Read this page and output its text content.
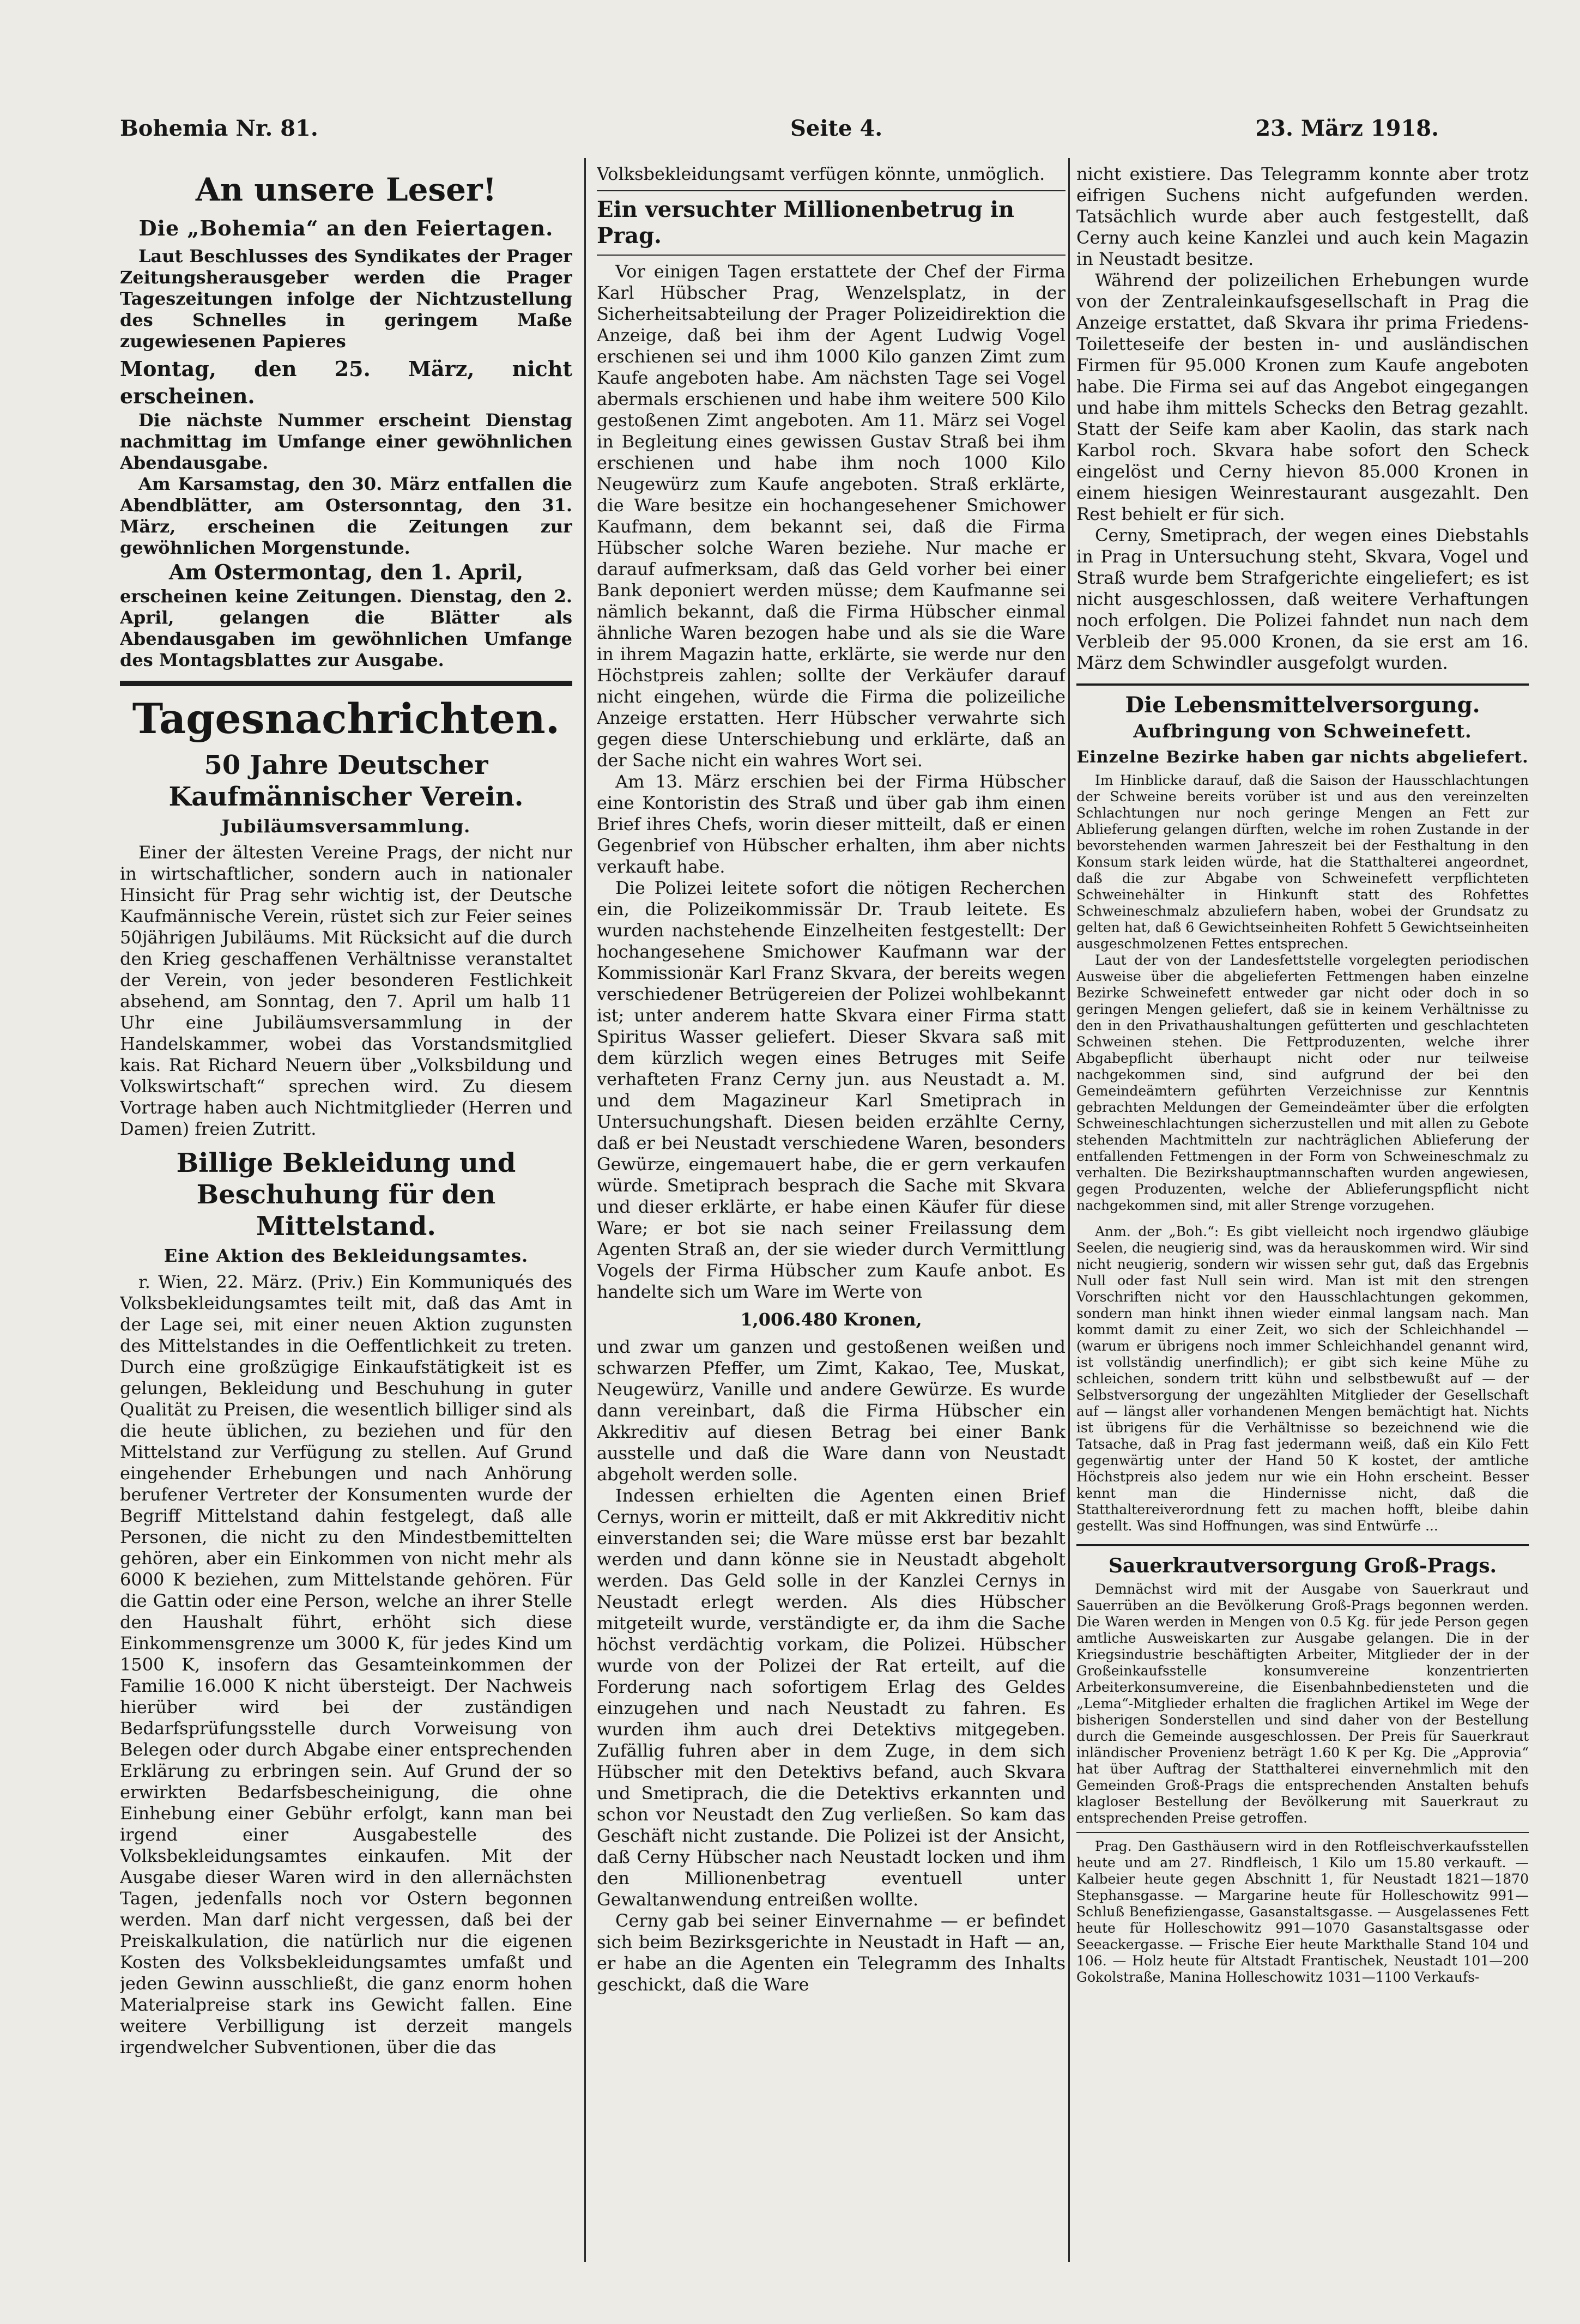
Bohemia Nr. 81.	Seite 4.	23. März 1918.
An unsere Leser!
Die „Bohemia“ an den Feiertagen.

Laut Beschlusses des Syndikates der Prager Zeitungsherausgeber werden die Prager Tageszeitungen infolge der Nichtzustellung des Schnelles in geringem Maße zugewiesenen Papieres

Montag, den 25. März, nicht erscheinen.

Die nächste Nummer erscheint Dienstag nachmittag im Umfange einer gewöhnlichen Abendausgabe.

Am Karsamstag, den 30. März entfallen die Abendblätter, am Ostersonntag, den 31. März, erscheinen die Zeitungen zur gewöhnlichen Morgenstunde.

Am Ostermontag, den 1. April,

erscheinen keine Zeitungen. Dienstag, den 2. April, gelangen die Blätter als Abendausgaben im gewöhnlichen Umfange des Montagsblattes zur Ausgabe.

Tagesnachrichten.
50 Jahre Deutscher Kaufmännischer Verein.
Jubiläumsversammlung.

Einer der ältesten Vereine Prags, der nicht nur in wirtschaftlicher, sondern auch in nationaler Hinsicht für Prag sehr wichtig ist, der Deutsche Kaufmännische Verein, rüstet sich zur Feier seines 50jährigen Jubiläums. Mit Rücksicht auf die durch den Krieg geschaffenen Verhältnisse veranstaltet der Verein, von jeder besonderen Festlichkeit absehend, am Sonntag, den 7. April um halb 11 Uhr eine Jubiläumsversammlung in der Handelskammer, wobei das Vorstandsmitglied kais. Rat Richard Neuern über „Volksbildung und Volkswirtschaft“ sprechen wird. Zu diesem Vortrage haben auch Nichtmitglieder (Herren und Damen) freien Zutritt.

Billige Bekleidung und Beschuhung für den Mittelstand.
Eine Aktion des Bekleidungsamtes.

r. Wien, 22. März. (Priv.) Ein Kommuniqués des Volksbekleidungsamtes teilt mit, daß das Amt in der Lage sei, mit einer neuen Aktion zugunsten des Mittelstandes in die Oeffentlichkeit zu treten. Durch eine großzügige Einkaufstätigkeit ist es gelungen, Bekleidung und Beschuhung in guter Qualität zu Preisen, die wesentlich billiger sind als die heute üblichen, zu beziehen und für den Mittelstand zur Verfügung zu stellen. Auf Grund eingehender Erhebungen und nach Anhörung berufener Vertreter der Konsumenten wurde der Begriff Mittelstand dahin festgelegt, daß alle Personen, die nicht zu den Mindestbemittelten gehören, aber ein Einkommen von nicht mehr als 6000 K beziehen, zum Mittelstande gehören. Für die Gattin oder eine Person, welche an ihrer Stelle den Haushalt führt, erhöht sich diese Einkommensgrenze um 3000 K, für jedes Kind um 1500 K, insofern das Gesamteinkommen der Familie 16.000 K nicht übersteigt. Der Nachweis hierüber wird bei der zuständigen Bedarfsprüfungsstelle durch Vorweisung von Belegen oder durch Abgabe einer entsprechenden Erklärung zu erbringen sein. Auf Grund der so erwirkten Bedarfsbescheinigung, die ohne Einhebung einer Gebühr erfolgt, kann man bei irgend einer Ausgabestelle des Volksbekleidungsamtes einkaufen. Mit der Ausgabe dieser Waren wird in den allernächsten Tagen, jedenfalls noch vor Ostern begonnen werden. Man darf nicht vergessen, daß bei der Preiskalkulation, die natürlich nur die eigenen Kosten des Volksbekleidungsamtes umfaßt und jeden Gewinn ausschließt, die ganz enorm hohen Materialpreise stark ins Gewicht fallen. Eine weitere Verbilligung ist derzeit mangels irgendwelcher Subventionen, über die das

Volksbekleidungsamt verfügen könnte, unmöglich.

Ein versuchter Millionenbetrug in Prag.

Vor einigen Tagen erstattete der Chef der Firma Karl Hübscher Prag, Wenzelsplatz, in der Sicherheitsabteilung der Prager Polizeidirektion die Anzeige, daß bei ihm der Agent Ludwig Vogel erschienen sei und ihm 1000 Kilo ganzen Zimt zum Kaufe angeboten habe. Am nächsten Tage sei Vogel abermals erschienen und habe ihm weitere 500 Kilo gestoßenen Zimt angeboten. Am 11. März sei Vogel in Begleitung eines gewissen Gustav Straß bei ihm erschienen und habe ihm noch 1000 Kilo Neugewürz zum Kaufe angeboten. Straß erklärte, die Ware besitze ein hochangesehener Smichower Kaufmann, dem bekannt sei, daß die Firma Hübscher solche Waren beziehe. Nur mache er darauf aufmerksam, daß das Geld vorher bei einer Bank deponiert werden müsse; dem Kaufmanne sei nämlich bekannt, daß die Firma Hübscher einmal ähnliche Waren bezogen habe und als sie die Ware in ihrem Magazin hatte, erklärte, sie werde nur den Höchstpreis zahlen; sollte der Verkäufer darauf nicht eingehen, würde die Firma die polizeiliche Anzeige erstatten. Herr Hübscher verwahrte sich gegen diese Unterschiebung und erklärte, daß an der Sache nicht ein wahres Wort sei.

Am 13. März erschien bei der Firma Hübscher eine Kontoristin des Straß und über gab ihm einen Brief ihres Chefs, worin dieser mitteilt, daß er einen Gegenbrief von Hübscher erhalten, ihm aber nichts verkauft habe.

Die Polizei leitete sofort die nötigen Recherchen ein, die Polizeikommissär Dr. Traub leitete. Es wurden nachstehende Einzelheiten festgestellt: Der hochangesehene Smichower Kaufmann war der Kommissionär Karl Franz Skvara, der bereits wegen verschiedener Betrügereien der Polizei wohlbekannt ist; unter anderem hatte Skvara einer Firma statt Spiritus Wasser geliefert. Dieser Skvara saß mit dem kürzlich wegen eines Betruges mit Seife verhafteten Franz Cerny jun. aus Neustadt a. M. und dem Magazineur Karl Smetiprach in Untersuchungshaft. Diesen beiden erzählte Cerny, daß er bei Neustadt verschiedene Waren, besonders Gewürze, eingemauert habe, die er gern verkaufen würde. Smetiprach besprach die Sache mit Skvara und dieser erklärte, er habe einen Käufer für diese Ware; er bot sie nach seiner Freilassung dem Agenten Straß an, der sie wieder durch Vermittlung Vogels der Firma Hübscher zum Kaufe anbot. Es handelte sich um Ware im Werte von

1,006.480 Kronen,

und zwar um ganzen und gestoßenen weißen und schwarzen Pfeffer, um Zimt, Kakao, Tee, Muskat, Neugewürz, Vanille und andere Gewürze. Es wurde dann vereinbart, daß die Firma Hübscher ein Akkreditiv auf diesen Betrag bei einer Bank ausstelle und daß die Ware dann von Neustadt abgeholt werden solle.

Indessen erhielten die Agenten einen Brief Cernys, worin er mitteilt, daß er mit Akkreditiv nicht einverstanden sei; die Ware müsse erst bar bezahlt werden und dann könne sie in Neustadt abgeholt werden. Das Geld solle in der Kanzlei Cernys in Neustadt erlegt werden. Als dies Hübscher mitgeteilt wurde, verständigte er, da ihm die Sache höchst verdächtig vorkam, die Polizei. Hübscher wurde von der Polizei der Rat erteilt, auf die Forderung nach sofortigem Erlag des Geldes einzugehen und nach Neustadt zu fahren. Es wurden ihm auch drei Detektivs mitgegeben. Zufällig fuhren aber in dem Zuge, in dem sich Hübscher mit den Detektivs befand, auch Skvara und Smetiprach, die die Detektivs erkannten und schon vor Neustadt den Zug verließen. So kam das Geschäft nicht zustande. Die Polizei ist der Ansicht, daß Cerny Hübscher nach Neustadt locken und ihm den Millionenbetrag eventuell unter Gewaltanwendung entreißen wollte.

Cerny gab bei seiner Einvernahme — er befindet sich beim Bezirksgerichte in Neustadt in Haft — an, er habe an die Agenten ein Telegramm des Inhalts geschickt, daß die Ware

nicht existiere. Das Telegramm konnte aber trotz eifrigen Suchens nicht aufgefunden werden. Tatsächlich wurde aber auch festgestellt, daß Cerny auch keine Kanzlei und auch kein Magazin in Neustadt besitze.

Während der polizeilichen Erhebungen wurde von der Zentraleinkaufsgesellschaft in Prag die Anzeige erstattet, daß Skvara ihr prima Friedens-Toiletteseife der besten in- und ausländischen Firmen für 95.000 Kronen zum Kaufe angeboten habe. Die Firma sei auf das Angebot eingegangen und habe ihm mittels Schecks den Betrag gezahlt. Statt der Seife kam aber Kaolin, das stark nach Karbol roch. Skvara habe sofort den Scheck eingelöst und Cerny hievon 85.000 Kronen in einem hiesigen Weinrestaurant ausgezahlt. Den Rest behielt er für sich.

Cerny, Smetiprach, der wegen eines Diebstahls in Prag in Untersuchung steht, Skvara, Vogel und Straß wurde bem Strafgerichte eingeliefert; es ist nicht ausgeschlossen, daß weitere Verhaftungen noch erfolgen. Die Polizei fahndet nun nach dem Verbleib der 95.000 Kronen, da sie erst am 16. März dem Schwindler ausgefolgt wurden.

Die Lebensmittelversorgung.
Aufbringung von Schweinefett.
Einzelne Bezirke haben gar nichts abgeliefert.

Im Hinblicke darauf, daß die Saison der Hausschlachtungen der Schweine bereits vorüber ist und aus den vereinzelten Schlachtungen nur noch geringe Mengen an Fett zur Ablieferung gelangen dürften, welche im rohen Zustande in der bevorstehenden warmen Jahreszeit bei der Festhaltung in den Konsum stark leiden würde, hat die Statthalterei angeordnet, daß die zur Abgabe von Schweinefett verpflichteten Schweinehälter in Hinkunft statt des Rohfettes Schweineschmalz abzuliefern haben, wobei der Grundsatz zu gelten hat, daß 6 Gewichtseinheiten Rohfett 5 Gewichtseinheiten ausgeschmolzenen Fettes entsprechen.

Laut der von der Landesfettstelle vorgelegten periodischen Ausweise über die abgelieferten Fettmengen haben einzelne Bezirke Schweinefett entweder gar nicht oder doch in so geringen Mengen geliefert, daß sie in keinem Verhältnisse zu den in den Privathaushaltungen gefütterten und geschlachteten Schweinen stehen. Die Fettproduzenten, welche ihrer Abgabepflicht überhaupt nicht oder nur teilweise nachgekommen sind, sind aufgrund der bei den Gemeindeämtern geführten Verzeichnisse zur Kenntnis gebrachten Meldungen der Gemeindeämter über die erfolgten Schweineschlachtungen sicherzustellen und mit allen zu Gebote stehenden Machtmitteln zur nachträglichen Ablieferung der entfallenden Fettmengen in der Form von Schweineschmalz zu verhalten. Die Bezirkshauptmannschaften wurden angewiesen, gegen Produzenten, welche der Ablieferungspflicht nicht nachgekommen sind, mit aller Strenge vorzugehen.

Anm. der „Boh.“: Es gibt vielleicht noch irgendwo gläubige Seelen, die neugierig sind, was da herauskommen wird. Wir sind nicht neugierig, sondern wir wissen sehr gut, daß das Ergebnis Null oder fast Null sein wird. Man ist mit den strengen Vorschriften nicht vor den Hausschlachtungen gekommen, sondern man hinkt ihnen wieder einmal langsam nach. Man kommt damit zu einer Zeit, wo sich der Schleichhandel — (warum er übrigens noch immer Schleichhandel genannt wird, ist vollständig unerfindlich); er gibt sich keine Mühe zu schleichen, sondern tritt kühn und selbstbewußt auf — der Selbstversorgung der ungezählten Mitglieder der Gesellschaft auf — längst aller vorhandenen Mengen bemächtigt hat. Nichts ist übrigens für die Verhältnisse so bezeichnend wie die Tatsache, daß in Prag fast jedermann weiß, daß ein Kilo Fett gegenwärtig unter der Hand 50 K kostet, der amtliche Höchstpreis also jedem nur wie ein Hohn erscheint. Besser kennt man die Hindernisse nicht, daß die Statthaltereiverordnung fett zu machen hofft, bleibe dahin gestellt. Was sind Hoffnungen, was sind Entwürfe ...

Sauerkrautversorgung Groß-Prags.

Demnächst wird mit der Ausgabe von Sauerkraut und Sauerrüben an die Bevölkerung Groß-Prags begonnen werden. Die Waren werden in Mengen von 0.5 Kg. für jede Person gegen amtliche Ausweiskarten zur Ausgabe gelangen. Die in der Kriegsindustrie beschäftigten Arbeiter, Mitglieder der in der Großeinkaufsstelle konsumvereine konzentrierten Arbeiterkonsumvereine, die Eisenbahnbediensteten und die „Lema“-Mitglieder erhalten die fraglichen Artikel im Wege der bisherigen Sonderstellen und sind daher von der Bestellung durch die Gemeinde ausgeschlossen. Der Preis für Sauerkraut inländischer Provenienz beträgt 1.60 K per Kg. Die „Approvia“ hat über Auftrag der Statthalterei einvernehmlich mit den Gemeinden Groß-Prags die entsprechenden Anstalten behufs klagloser Bestellung der Bevölkerung mit Sauerkraut zu entsprechenden Preise getroffen.

Prag. Den Gasthäusern wird in den Rotfleischverkaufsstellen heute und am 27. Rindfleisch, 1 Kilo um 15.80 verkauft. — Kalbeier heute gegen Abschnitt 1, für Neustadt 1821—1870 Stephansgasse. — Margarine heute für Holleschowitz 991—Schluß Benefiziengasse, Gasanstaltsgasse. — Ausgelassenes Fett heute für Holleschowitz 991—1070 Gasanstaltsgasse oder Seeackergasse. — Frische Eier heute Markthalle Stand 104 und 106. — Holz heute für Altstadt Frantischek, Neustadt 101—200 Gokolstraße, Manina Holleschowitz 1031—1100 Verkaufs-
